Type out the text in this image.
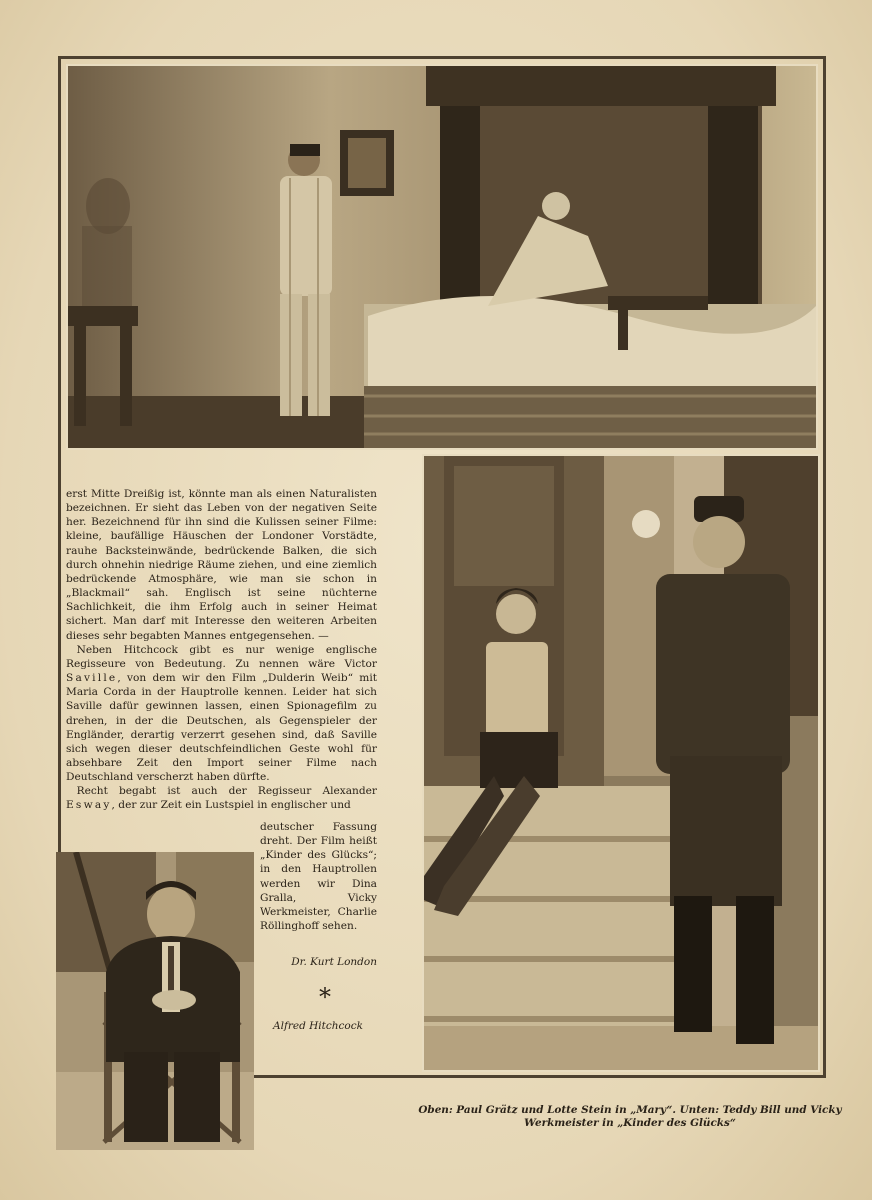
erst Mitte Dreißig ist, könnte man als einen Naturalisten bezeichnen. Er sieht das Leben von der negativen Seite her. Bezeichnend für ihn sind die Kulissen seiner Filme: kleine, baufällige Häuschen der Londoner Vorstädte, rauhe Backsteinwände, bedrückende Balken, die sich durch ohnehin niedrige Räume ziehen, und eine ziemlich bedrückende Atmosphäre, wie man sie schon in „Blackmail“ sah. Englisch ist seine nüchterne Sachlichkeit, die ihm Erfolg auch in seiner Heimat sichert. Man darf mit Interesse den weiteren Arbeiten dieses sehr begabten Mannes entgegensehen. —

 Neben Hitchcock gibt es nur wenige englische Regisseure von Bedeutung. Zu nennen wäre Victor Saville, von dem wir den Film „Dulderin Weib“ mit Maria Corda in der Hauptrolle kennen. Leider hat sich Saville dafür gewinnen lassen, einen Spionagefilm zu drehen, in der die Deutschen, als Gegenspieler der Engländer, derartig verzerrt gesehen sind, daß Saville sich wegen dieser deutschfeindlichen Geste wohl für absehbare Zeit den Import seiner Filme nach Deutschland verscherzt haben dürfte.

 Recht begabt ist auch der Regisseur Alexander Esway, der zur Zeit ein Lustspiel in englischer und

deutscher Fassung dreht. Der Film heißt „Kinder des Glücks“; in den Hauptrollen werden wir Dina Gralla, Vicky Werkmeister, Charlie Röllinghoff sehen.
Dr. Kurt London
*
Alfred Hitchcock
Oben: Paul Grätz und Lotte Stein in „Mary“. Unten: Teddy Bill und Vicky Werkmeister in „Kinder des Glücks“
